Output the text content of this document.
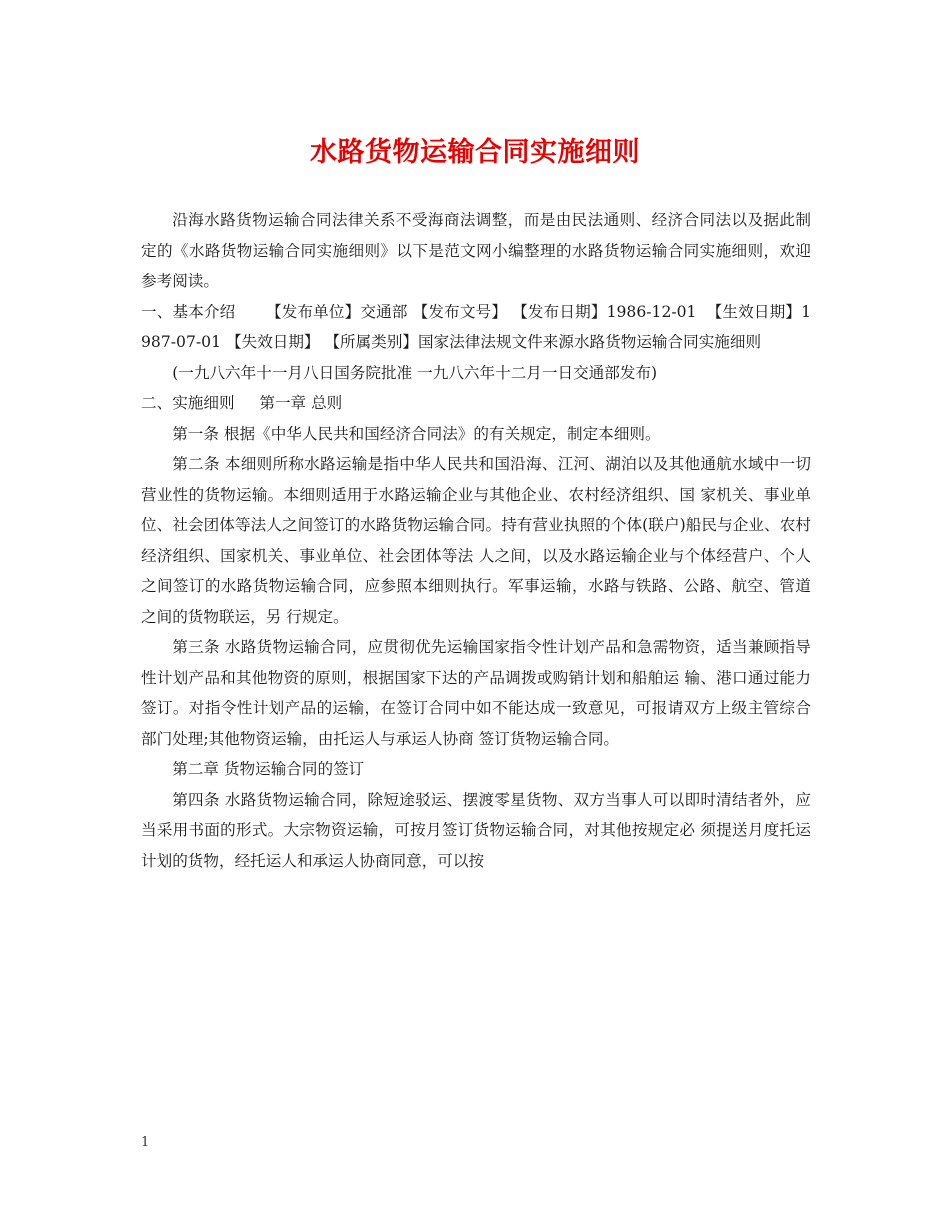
水路货物运输合同实施细则

沿海水路货物运输合同法律关系不受海商法调整，而是由民法通则、经济合同法以及据此制定的《水路货物运输合同实施细则》以下是范文网小编整理的水路货物运输合同实施细则，欢迎参考阅读。

一、基本介绍      【发布单位】交通部 【发布文号】 【发布日期】1986-12-01  【生效日期】1987-07-01 【失效日期】 【所属类别】国家法律法规文件来源水路货物运输合同实施细则

(一九八六年十一月八日国务院批准 一九八六年十二月一日交通部发布)

二、实施细则     第一章 总则

第一条 根据《中华人民共和国经济合同法》的有关规定，制定本细则。

第二条 本细则所称水路运输是指中华人民共和国沿海、江河、湖泊以及其他通航水域中一切营业性的货物运输。本细则适用于水路运输企业与其他企业、农村经济组织、国 家机关、事业单位、社会团体等法人之间签订的水路货物运输合同。持有营业执照的个体(联户)船民与企业、农村经济组织、国家机关、事业单位、社会团体等法 人之间，以及水路运输企业与个体经营户、个人之间签订的水路货物运输合同，应参照本细则执行。军事运输，水路与铁路、公路、航空、管道之间的货物联运，另 行规定。

第三条 水路货物运输合同，应贯彻优先运输国家指令性计划产品和急需物资，适当兼顾指导性计划产品和其他物资的原则，根据国家下达的产品调拨或购销计划和船舶运 输、港口通过能力签订。对指令性计划产品的运输，在签订合同中如不能达成一致意见，可报请双方上级主管综合部门处理;其他物资运输，由托运人与承运人协商 签订货物运输合同。

第二章 货物运输合同的签订

第四条 水路货物运输合同，除短途驳运、摆渡零星货物、双方当事人可以即时清结者外，应当采用书面的形式。大宗物资运输，可按月签订货物运输合同，对其他按规定必 须提送月度托运计划的货物，经托运人和承运人协商同意，可以按

1
